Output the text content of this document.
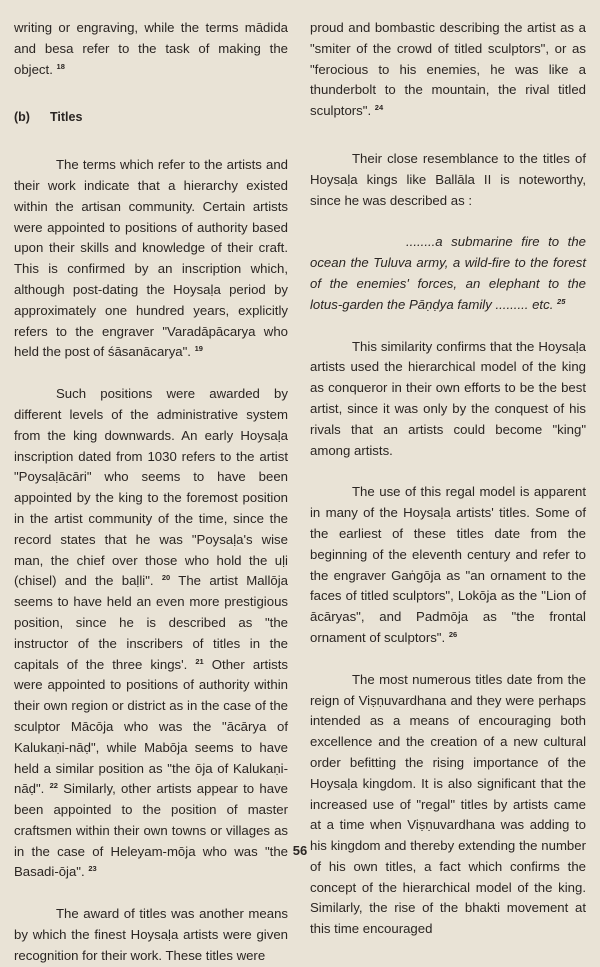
writing or engraving, while the terms mādida and besa refer to the task of making the object. $^{18}$

(b) Titles

The terms which refer to the artists and their work indicate that a hierarchy existed within the artisan community. Certain artists were appointed to positions of authority based upon their skills and knowledge of their craft. This is confirmed by an inscription which, although post-dating the Hoysaḷa period by approximately one hundred years, explicitly refers to the engraver "Varadāpācarya who held the post of śāsanācarya". $^{19}$

Such positions were awarded by different levels of the administrative system from the king downwards. An early Hoysaḷa inscription dated from 1030 refers to the artist "Poysaḷācāri" who seems to have been appointed by the king to the foremost position in the artist community of the time, since the record states that he was "Poysaḷa's wise man, the chief over those who hold the uḷi (chisel) and the baḷli". $^{20}$ The artist Mallōja seems to have held an even more prestigious position, since he is described as "the instructor of the inscribers of titles in the capitals of the three kings'. $^{21}$ Other artists were appointed to positions of authority within their own region or district as in the case of the sculptor Mācōja who was the "ācārya of Kalukaṇi-nāḍ", while Mabōja seems to have held a similar position as "the ōja of Kalukaṇi-nāḍ". $^{22}$ Similarly, other artists appear to have been appointed to the position of master craftsmen within their own towns or villages as in the case of Heleyam-mōja who was "the Basadi-ōja". $^{23}$

The award of titles was another means by which the finest Hoysaḷa artists were given recognition for their work. These titles were

proud and bombastic describing the artist as a "smiter of the crowd of titled sculptors", or as "ferocious to his enemies, he was like a thunderbolt to the mountain, the rival titled sculptors". $^{24}$

Their close resemblance to the titles of Hoysaḷa kings like Ballāla II is noteworthy, since he was described as :

........a submarine fire to the ocean the Tuluva army, a wild-fire to the forest of the enemies' forces, an elephant to the lotus-garden the Pāṇḍya family ......... etc. $^{25}$

This similarity confirms that the Hoysaḷa artists used the hierarchical model of the king as conqueror in their own efforts to be the best artist, since it was only by the conquest of his rivals that an artists could become "king" among artists.

The use of this regal model is apparent in many of the Hoysaḷa artists' titles. Some of the earliest of these titles date from the beginning of the eleventh century and refer to the engraver Gaṅgōja as "an ornament to the faces of titled sculptors", Lokōja as the "Lion of ācāryas", and Padmōja as "the frontal ornament of sculptors". $^{26}$

The most numerous titles date from the reign of Viṣṇuvardhana and they were perhaps intended as a means of encouraging both excellence and the creation of a new cultural order befitting the rising importance of the Hoysaḷa kingdom. It is also significant that the increased use of "regal" titles by artists came at a time when Viṣṇuvardhana was adding to his kingdom and thereby extending the number of his own titles, a fact which confirms the concept of the hierarchical model of the king. Similarly, the rise of the bhakti movement at this time encouraged

56
